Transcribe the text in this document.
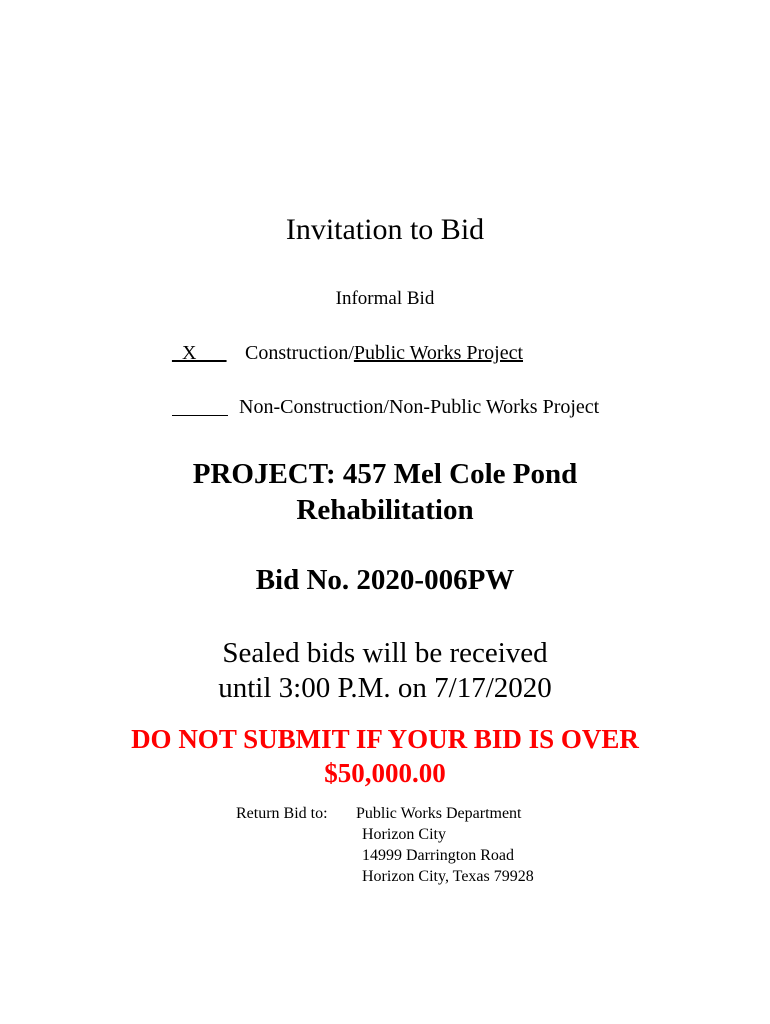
Invitation to Bid
Informal Bid
_X___ Construction/Public Works Project
Non-Construction/Non-Public Works Project
PROJECT: 457 Mel Cole Pond
Rehabilitation
Bid No. 2020-006PW
Sealed bids will be received
until 3:00 P.M. on 7/17/2020
DO NOT SUBMIT IF YOUR BID IS OVER
$50,000.00
Return Bid to: Public Works Department
Horizon City
14999 Darrington Road
Horizon City, Texas 79928
